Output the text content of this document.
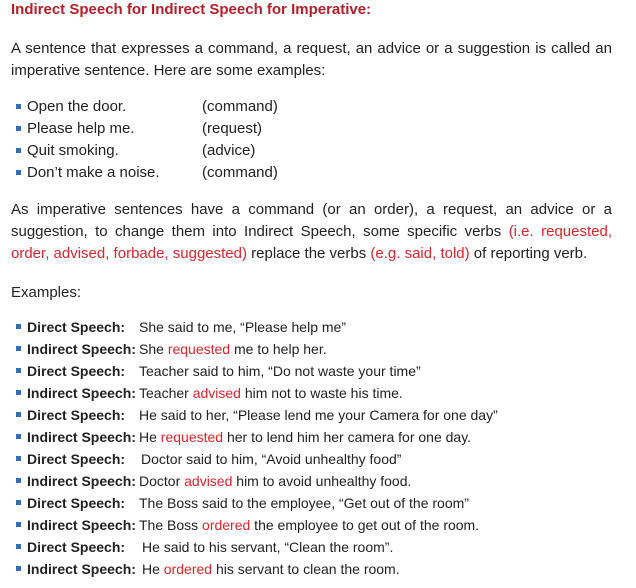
Indirect Speech for Indirect Speech for Imperative:
A sentence that expresses a command, a request, an advice or a suggestion is called an imperative sentence. Here are some examples:
Open the door.	(command)
Please help me.	(request)
Quit smoking.	(advice)
Don’t make a noise.	(command)
As imperative sentences have a command (or an order), a request, an advice or a suggestion, to change them into Indirect Speech, some specific verbs (i.e. requested, order, advised, forbade, suggested) replace the verbs (e.g. said, told) of reporting verb.
Examples:
Direct Speech: She said to me, “Please help me”
Indirect Speech: She requested me to help her.
Direct Speech: Teacher said to him, “Do not waste your time”
Indirect Speech: Teacher advised him not to waste his time.
Direct Speech: He said to her, “Please lend me your Camera for one day”
Indirect Speech: He requested her to lend him her camera for one day.
Direct Speech: Doctor said to him, “Avoid unhealthy food”
Indirect Speech: Doctor advised him to avoid unhealthy food.
Direct Speech: The Boss said to the employee, “Get out of the room”
Indirect Speech: The Boss ordered the employee to get out of the room.
Direct Speech: He said to his servant, “Clean the room”.
Indirect Speech: He ordered his servant to clean the room.
